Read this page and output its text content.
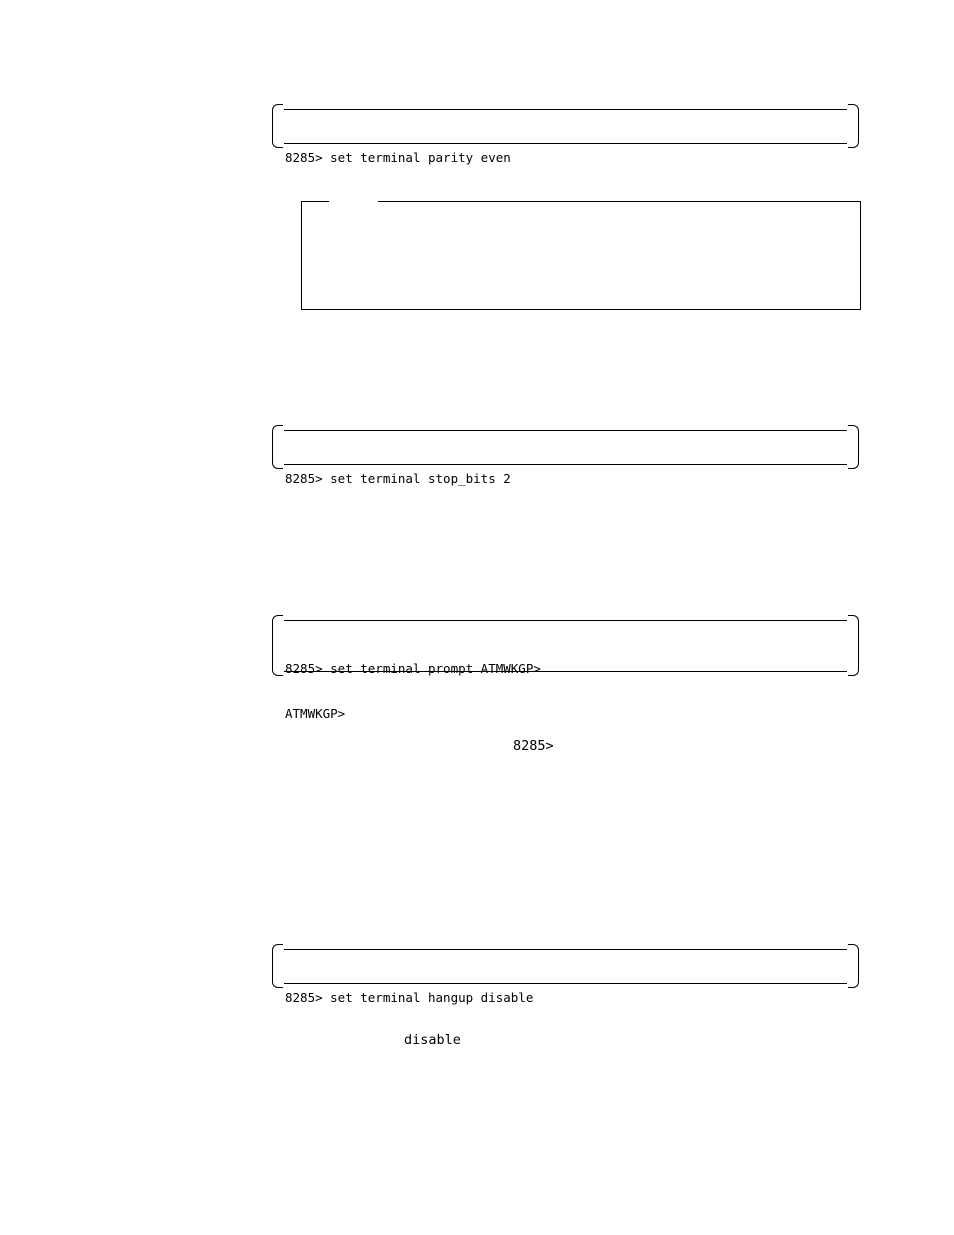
8285> set terminal parity even

8285> set terminal stop_bits 2

8285> set terminal prompt ATMWKGP>

ATMWKGP>

8285>

8285> set terminal hangup disable

disable
